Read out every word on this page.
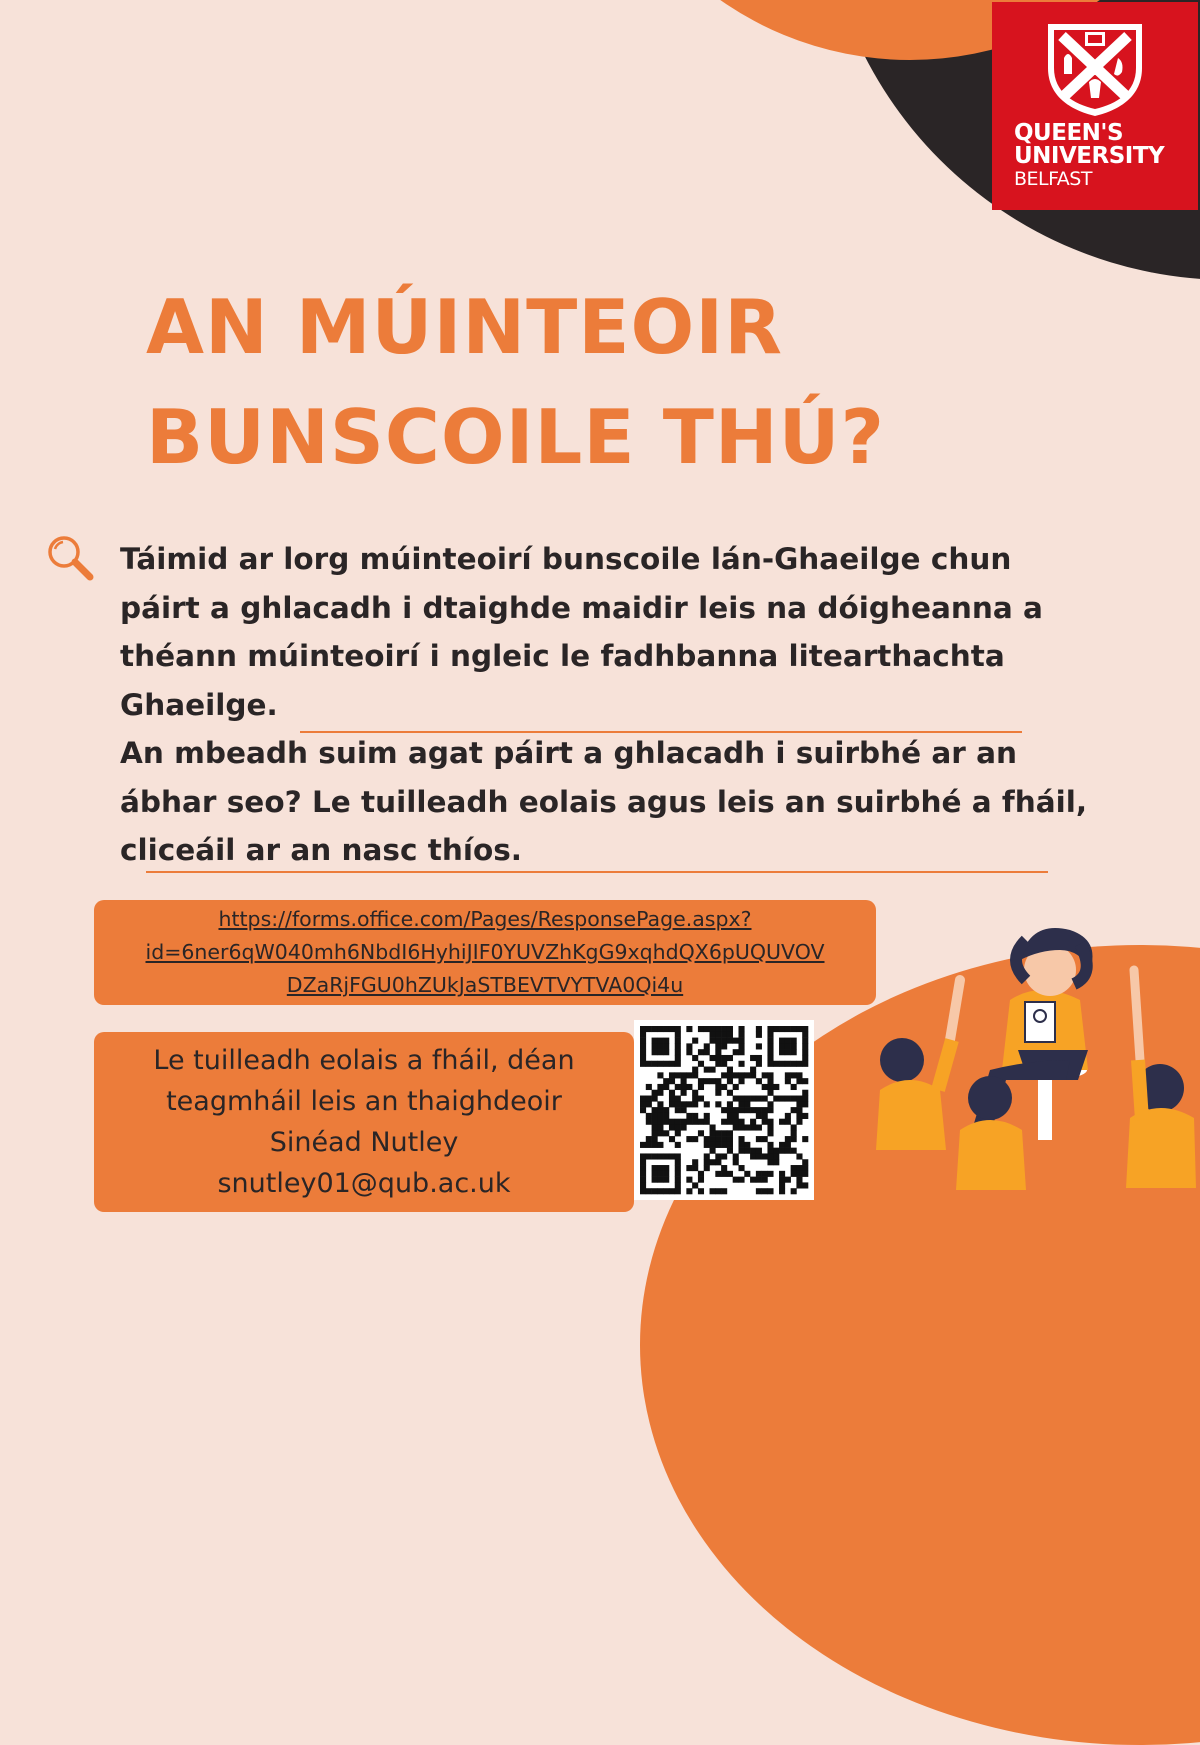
QUEEN'S
UNIVERSITY
BELFAST
AN MÚINTEOIR
BUNSCOILE THÚ?

Táimid ar lorg múinteoirí bunscoile lán-Ghaeilge chun

páirt a ghlacadh i dtaighde maidir leis na dóigheanna a

théann múinteoirí i ngleic le fadhbanna litearthachta

Ghaeilge.

An mbeadh suim agat páirt a ghlacadh i suirbhé ar an

ábhar seo? Le tuilleadh eolais agus leis an suirbhé a fháil,

cliceáil ar an nasc thíos.

https://forms.office.com/Pages/ResponsePage.aspx?
id=6ner6qW040mh6NbdI6HyhiJIF0YUVZhKgG9xqhdQX6pUQUVOV
DZaRjFGU0hZUkJaSTBEVTVYTVA0Qi4u
Le tuilleadh eolais a fháil, déan
teagmháil leis an thaighdeoir
Sinéad Nutley
snutley01@qub.ac.uk
